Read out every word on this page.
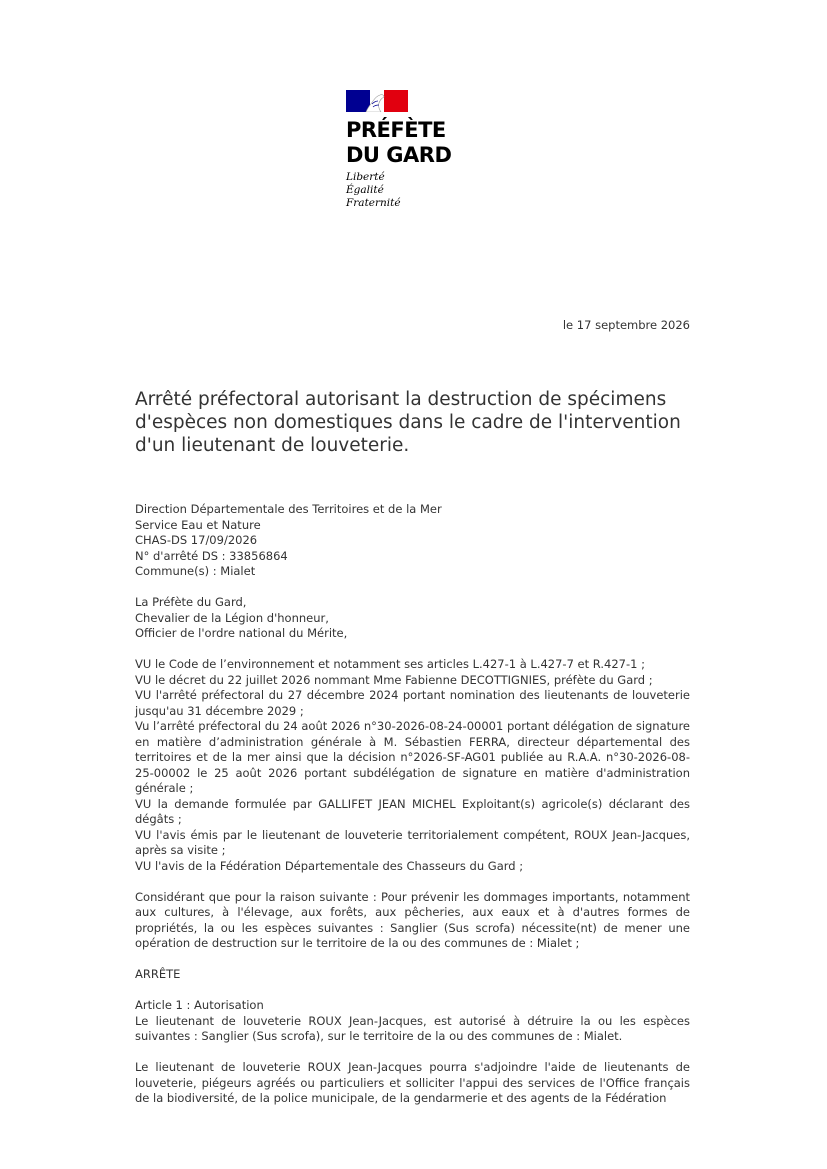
PRÉFÈTE
DU GARD
Liberté
Égalité
Fraternité
le 17 septembre 2026
Arrêté préfectoral autorisant la destruction de spécimens d'espèces non domestiques dans le cadre de l'intervention d'un lieutenant de louveterie.

Direction Départementale des Territoires et de la Mer

Service Eau et Nature

CHAS-DS 17/09/2026

N° d'arrêté DS : 33856864

Commune(s) : Mialet

La Préfète du Gard,

Chevalier de la Légion d'honneur,

Officier de l'ordre national du Mérite,

VU le Code de l’environnement et notamment ses articles L.427-1 à L.427-7 et R.427-1 ;

VU le décret du 22 juillet 2026 nommant Mme Fabienne DECOTTIGNIES, préfète du Gard ;

VU l'arrêté préfectoral du 27 décembre 2024 portant nomination des lieutenants de louveterie jusqu'au 31 décembre 2029 ;

Vu l’arrêté préfectoral du 24 août 2026 n°30-2026-08-24-00001 portant délégation de signature en matière d’administration générale à M. Sébastien FERRA, directeur départemental des territoires et de la mer ainsi que la décision n°2026-SF-AG01 publiée au R.A.A. n°30-2026-08-25-00002 le 25 août 2026 portant subdélégation de signature en matière d'administration générale ;

VU la demande formulée par GALLIFET JEAN MICHEL Exploitant(s) agricole(s) déclarant des dégâts ;

VU l'avis émis par le lieutenant de louveterie territorialement compétent, ROUX Jean-Jacques, après sa visite ;

VU l'avis de la Fédération Départementale des Chasseurs du Gard ;

Considérant que pour la raison suivante : Pour prévenir les dommages importants, notamment aux cultures, à l'élevage, aux forêts, aux pêcheries, aux eaux et à d'autres formes de propriétés, la ou les espèces suivantes : Sanglier (Sus scrofa) nécessite(nt) de mener une opération de destruction sur le territoire de la ou des communes de : Mialet ;

ARRÊTE

Article 1 : Autorisation

Le lieutenant de louveterie ROUX Jean-Jacques, est autorisé à détruire la ou les espèces suivantes : Sanglier (Sus scrofa), sur le territoire de la ou des communes de : Mialet.

Le lieutenant de louveterie ROUX Jean-Jacques pourra s'adjoindre l'aide de lieutenants de louveterie, piégeurs agréés ou particuliers et solliciter l'appui des services de l'Office français de la biodiversité, de la police municipale, de la gendarmerie et des agents de la Fédération
